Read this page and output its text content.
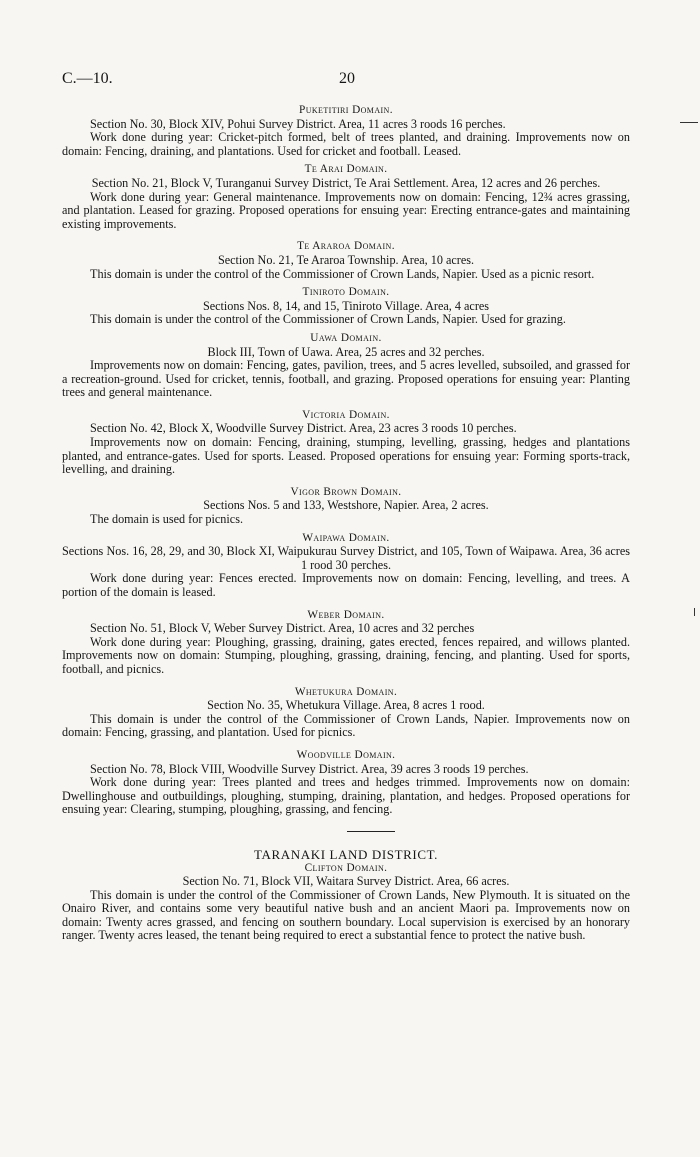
C.—10.	20

Puketitiri Domain.

Section No. 30, Block XIV, Pohui Survey District. Area, 11 acres 3 roods 16 perches.

Work done during year: Cricket-pitch formed, belt of trees planted, and draining. Improvements now on domain: Fencing, draining, and plantations. Used for cricket and football. Leased.

Te Arai Domain.

Section No. 21, Block V, Turanganui Survey District, Te Arai Settlement. Area, 12 acres and 26 perches.

Work done during year: General maintenance. Improvements now on domain: Fencing, 12¾ acres grassing, and plantation. Leased for grazing. Proposed operations for ensuing year: Erecting entrance-gates and maintaining existing improvements.

Te Araroa Domain.

Section No. 21, Te Araroa Township. Area, 10 acres.

This domain is under the control of the Commissioner of Crown Lands, Napier. Used as a picnic resort.

Tiniroto Domain.

Sections Nos. 8, 14, and 15, Tiniroto Village. Area, 4 acres

This domain is under the control of the Commissioner of Crown Lands, Napier. Used for grazing.

Uawa Domain.

Block III, Town of Uawa. Area, 25 acres and 32 perches.

Improvements now on domain: Fencing, gates, pavilion, trees, and 5 acres levelled, subsoiled, and grassed for a recreation-ground. Used for cricket, tennis, football, and grazing. Proposed operations for ensuing year: Planting trees and general maintenance.

Victoria Domain.

Section No. 42, Block X, Woodville Survey District. Area, 23 acres 3 roods 10 perches.

Improvements now on domain: Fencing, draining, stumping, levelling, grassing, hedges and plantations planted, and entrance-gates. Used for sports. Leased. Proposed operations for ensuing year: Forming sports-track, levelling, and draining.

Vigor Brown Domain.

Sections Nos. 5 and 133, Westshore, Napier. Area, 2 acres.

The domain is used for picnics.

Waipawa Domain.

Sections Nos. 16, 28, 29, and 30, Block XI, Waipukurau Survey District, and 105, Town of Waipawa. Area, 36 acres 1 rood 30 perches.

Work done during year: Fences erected. Improvements now on domain: Fencing, levelling, and trees. A portion of the domain is leased.

Weber Domain.

Section No. 51, Block V, Weber Survey District. Area, 10 acres and 32 perches

Work done during year: Ploughing, grassing, draining, gates erected, fences repaired, and willows planted. Improvements now on domain: Stumping, ploughing, grassing, draining, fencing, and planting. Used for sports, football, and picnics.

Whetukura Domain.

Section No. 35, Whetukura Village. Area, 8 acres 1 rood.

This domain is under the control of the Commissioner of Crown Lands, Napier. Improvements now on domain: Fencing, grassing, and plantation. Used for picnics.

Woodville Domain.

Section No. 78, Block VIII, Woodville Survey District. Area, 39 acres 3 roods 19 perches.

Work done during year: Trees planted and trees and hedges trimmed. Improvements now on domain: Dwellinghouse and outbuildings, ploughing, stumping, draining, plantation, and hedges. Proposed operations for ensuing year: Clearing, stumping, ploughing, grassing, and fencing.

TARANAKI LAND DISTRICT.

Clifton Domain.

Section No. 71, Block VII, Waitara Survey District. Area, 66 acres.

This domain is under the control of the Commissioner of Crown Lands, New Plymouth. It is situated on the Onairo River, and contains some very beautiful native bush and an ancient Maori pa. Improvements now on domain: Twenty acres grassed, and fencing on southern boundary. Local supervision is exercised by an honorary ranger. Twenty acres leased, the tenant being required to erect a substantial fence to protect the native bush.
